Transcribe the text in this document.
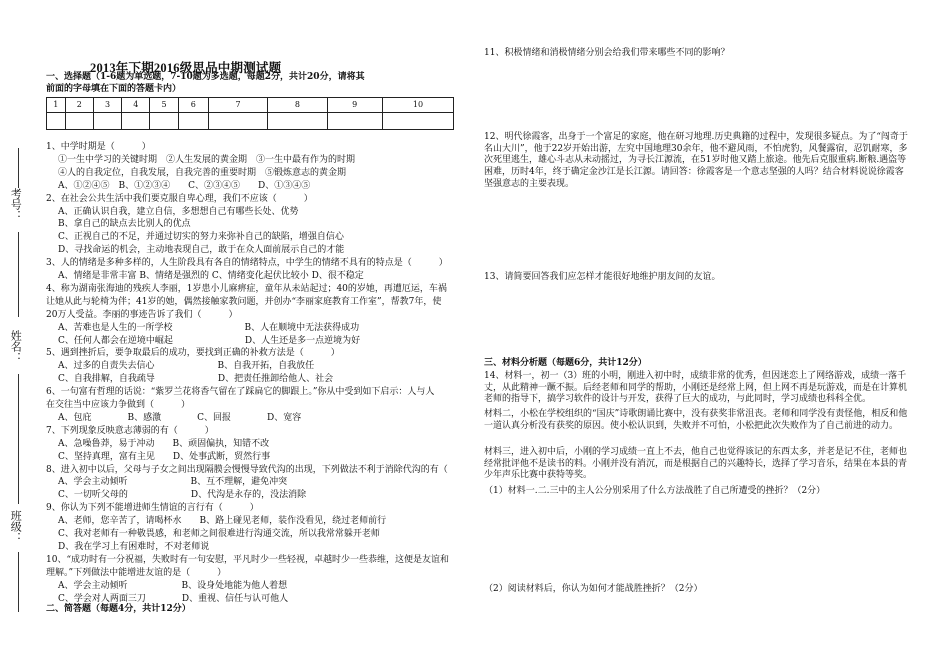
2013年下期2016级思品中期测试题
一、选择题（1-6题为单选题，7-10题为多选题，每题2分，共计20分，请将其
前面的字母填在下面的答题卡内）
1	2	3	4	5	6	7	8	9	10

考号：
姓名：
班级：
1、中学时期是（　　　）
①一生中学习的关键时期　②人生发展的黄金期　③一生中最有作为的时期
④人的自我定位，自我发展，自我完善的重要时期　⑤锻炼意志的黄金期
A、①②④⑤　B、①②③④　　C、②③④⑤　　D、①③④⑤
2、在社会公共生活中我们要克服自卑心理，我们不应该（　　　）
A、正确认识自我，建立自信，多想想自己有哪些长处、优势
B、拿自己的缺点去比别人的优点
C、正视自己的不足，并通过切实的努力来弥补自己的缺陷，增强自信心
D、寻找命运的机会，主动地表现自己，敢于在众人面前展示自己的才能
3、人的情绪是多种多样的，人生阶段具有各自的情绪特点，中学生的情绪不具有的特点是（　　　）
A、情绪是非常丰富 B、情绪是强烈的 C、情绪变化起伏比较小 D、很不稳定
4、称为湖南张海迪的残疾人李丽，1岁患小儿麻痹症，童年从未站起过；40的岁她，再遭厄运，车祸
让她从此与轮椅为伴；41岁的她，偶然接触家教问题，并创办“李丽家庭教育工作室”，帮教7年，使
20万人受益。李丽的事迹告诉了我们（　　　）
A、苦难也是人生的一所学校　　　　　　　　B、人在顺境中无法获得成功
C、任何人都会在逆境中崛起　　　　　　　　D、人生还是多一点逆境为好
5、遇到挫折后，要争取最后的成功，要找到正确的补救方法是（　　　）
A、过多的自责失去信心　　　　　　　B、自我开拓，自我放任
C、自我排解，自我疏导　　　　　　　D、把责任推卸给他人、社会
6、一句富有哲理的话说：“紫罗兰花将香气留在了踩扁它的脚跟上。”你从中受到如下启示：人与人
在交往当中应该力争做到（　　　）
A、包庇　　　　B、感激　　　　C、回报　　　　D、宽容
7、下列现象反映意志薄弱的有（　　　）
A、急噪鲁莽，易于冲动　　B、顽固偏执，知错不改
C、坚持真理，富有主见　　D、处事武断，贸然行事
8、进入初中以后，父母与子女之间出现隔膜会慢慢导致代沟的出现，下列做法不利于消除代沟的有（
A、学会主动倾听　　　　　　　B、互不理解，避免冲突
C、一切听父母的　　　　　　　D、代沟是永存的，没法消除
9、你认为下列不能增进师生情谊的言行有（　　　）
A、老师，您辛苦了，请喝杯水　　B、路上碰见老师，装作没看见，绕过老师前行
C、我对老师有一种敬畏感，和老师之间很难进行沟通交流，所以我常常躲开老师
D、我在学习上有困难时，不对老师说
10、“成功时有一分祝福，失败时有一句安慰，平凡时少一些轻视，卓越时少一些恭维，这便是友谊和
理解。”下列做法中能增进友谊的是（　　　）
A、学会主动倾听　　　　　　B、设身处地能为他人着想
C、学会对人两面三刀　　　　D、重视、信任与认可他人
二、简答题（每题4分，共计12分）
11、积极情绪和消极情绪分别会给我们带来哪些不同的影响？
12、明代徐霞客，出身于一个富足的家庭，他在研习地理.历史典籍的过程中，发现很多疑点。为了“闯奇于名山大川”，他于22岁开始出游，左究中国地理30余年，他不避风雨，不怕虎豹，风餐露宿，忍饥耐寒，多次死里逃生，雄心斗志从未动摇过，为寻长江源流，在51岁时他又踏上旅途。他先后克服重病.断粮.遇盗等困难，历时4年，终于确定金沙江是长江源。请回答：徐霞客是一个意志坚强的人吗？结合材料说说徐霞客坚强意志的主要表现。
13、请简要回答我们应怎样才能很好地维护朋友间的友谊。
三、材料分析题（每题6分，共计12分）
14、材料一，初一（3）班的小明，刚进入初中时，成绩非常的优秀，但因迷恋上了网络游戏，成绩一落千丈，从此精神一蹶不振。后经老师和同学的帮助，小刚还是经常上网，但上网不再是玩游戏，而是在计算机老师的指导下，搞学习软件的设计与开发，获得了巨大的成功，与此同时，学习成绩也科科全优。
材料二，小松在学校组织的“国庆”诗歌朗诵比赛中，没有获奖非常沮丧。老师和同学没有责怪他，相反和他一道认真分析没有获奖的原因。使小松认识到，失败并不可怕，小松把此次失败作为了自己前进的动力。
材料三，进入初中后，小刚的学习成绩一直上不去，他自己也觉得该记的东西太多，并老是记不住，老师也经常批评他不是读书的料。小刚并没有消沉，而是根据自己的兴趣特长，选择了学习音乐，结果在本县的青少年声乐比赛中获特等奖。
（1）材料一.二.三中的主人公分别采用了什么方法战胜了自己所遭受的挫折？（2分）
（2）阅读材料后，你认为如何才能战胜挫折？（2分）
